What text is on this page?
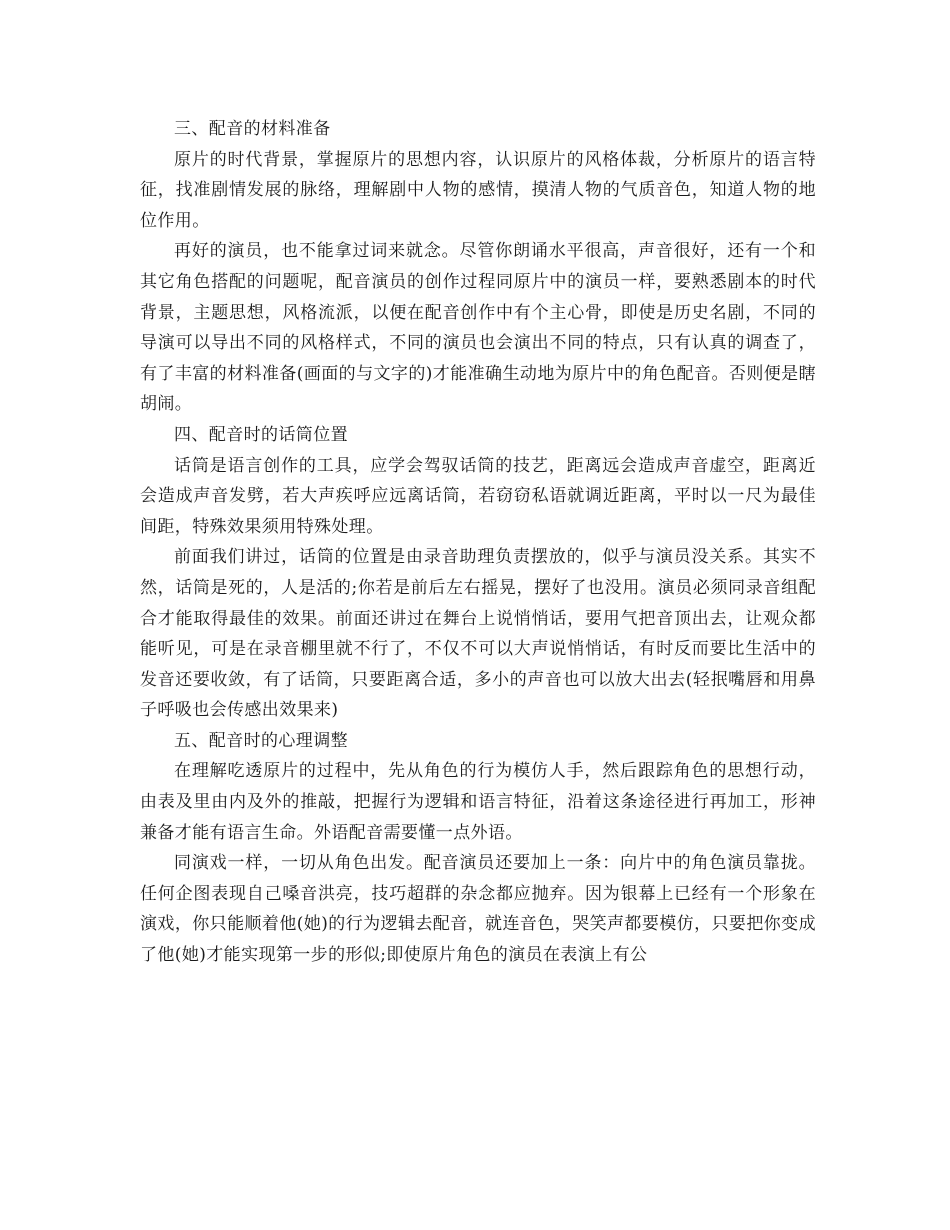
三、配音的材料准备

原片的时代背景，掌握原片的思想内容，认识原片的风格体裁，分析原片的语言特征，找准剧情发展的脉络，理解剧中人物的感情，摸清人物的气质音色，知道人物的地位作用。

再好的演员，也不能拿过词来就念。尽管你朗诵水平很高，声音很好，还有一个和其它角色搭配的问题呢，配音演员的创作过程同原片中的演员一样，要熟悉剧本的时代背景，主题思想，风格流派，以便在配音创作中有个主心骨，即使是历史名剧，不同的导演可以导出不同的风格样式，不同的演员也会演出不同的特点，只有认真的调查了，有了丰富的材料准备(画面的与文字的)才能准确生动地为原片中的角色配音。否则便是瞎胡闹。

四、配音时的话筒位置

话筒是语言创作的工具，应学会驾驭话筒的技艺，距离远会造成声音虚空，距离近会造成声音发劈，若大声疾呼应远离话筒，若窃窃私语就调近距离，平时以一尺为最佳间距，特殊效果须用特殊处理。

前面我们讲过，话筒的位置是由录音助理负责摆放的，似乎与演员没关系。其实不然，话筒是死的，人是活的;你若是前后左右摇晃，摆好了也没用。演员必须同录音组配合才能取得最佳的效果。前面还讲过在舞台上说悄悄话，要用气把音顶出去，让观众都能听见，可是在录音棚里就不行了，不仅不可以大声说悄悄话，有时反而要比生活中的发音还要收敛，有了话筒，只要距离合适，多小的声音也可以放大出去(轻抿嘴唇和用鼻子呼吸也会传感出效果来)

五、配音时的心理调整

在理解吃透原片的过程中，先从角色的行为模仿人手，然后跟踪角色的思想行动，由表及里由内及外的推敲，把握行为逻辑和语言特征，沿着这条途径进行再加工，形神兼备才能有语言生命。外语配音需要懂一点外语。

同演戏一样，一切从角色出发。配音演员还要加上一条：向片中的角色演员靠拢。任何企图表现自己嗓音洪亮，技巧超群的杂念都应抛弃。因为银幕上已经有一个形象在演戏，你只能顺着他(她)的行为逻辑去配音，就连音色，哭笑声都要模仿，只要把你变成了他(她)才能实现第一步的形似;即使原片角色的演员在表演上有公
